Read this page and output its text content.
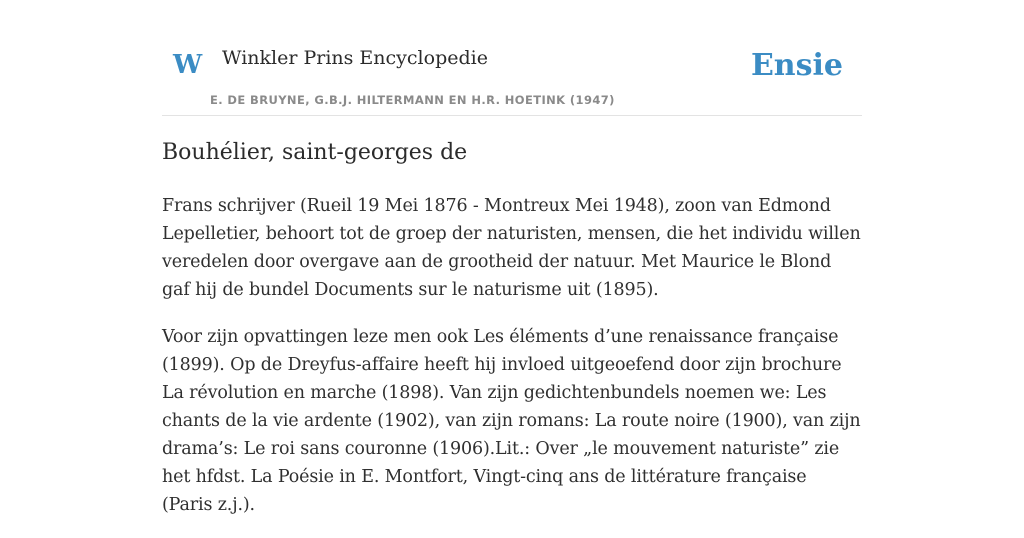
W Winkler Prins Encyclopedie
E. DE BRUYNE, G.B.J. HILTERMANN EN H.R. HOETINK (1947)
Ensie
Bouhélier, saint-georges de

Frans schrijver (Rueil 19 Mei 1876 - Montreux Mei 1948), zoon van Edmond Lepelletier, behoort tot de groep der naturisten, mensen, die het individu willen veredelen door overgave aan de grootheid der natuur. Met Maurice le Blond gaf hij de bundel Documents sur le naturisme uit (1895).

Voor zijn opvattingen leze men ook Les éléments d’une renaissance française (1899). Op de Dreyfus-affaire heeft hij invloed uitgeoefend door zijn brochure La révolution en marche (1898). Van zijn gedichtenbundels noemen we: Les chants de la vie ardente (1902), van zijn romans: La route noire (1900), van zijn drama’s: Le roi sans couronne (1906).Lit.: Over „le mouvement naturiste” zie het hfdst. La Poésie in E. Montfort, Vingt-cinq ans de littérature française (Paris z.j.).
